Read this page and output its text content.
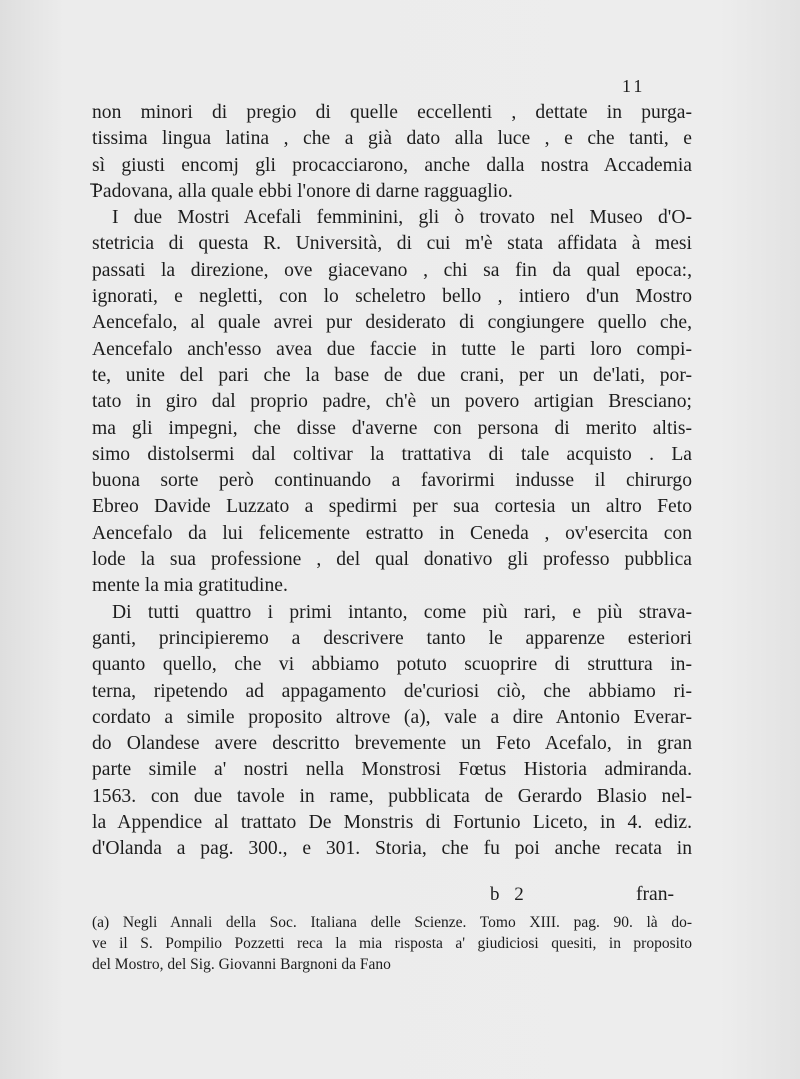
11
non minori di pregio di quelle eccellenti , dettate in purga-
tissima lingua latina , che a già dato alla luce , e che tanti, e
sì giusti encomj gli procacciarono, anche dalla nostra Accademia
Padovana, alla quale ebbi l'onore di darne ragguaglio.
I due Mostri Acefali femminini, gli ò trovato nel Museo d'O-
stetricia di questa R. Università, di cui m'è stata affidata à mesi
passati la direzione, ove giacevano , chi sa fin da qual epoca:,
ignorati, e negletti, con lo scheletro bello , intiero d'un Mostro
Aencefalo, al quale avrei pur desiderato di congiungere quello che,
Aencefalo anch'esso avea due faccie in tutte le parti loro compi-
te, unite del pari che la base de due crani, per un de'lati, por-
tato in giro dal proprio padre, ch'è un povero artigian Bresciano;
ma gli impegni, che disse d'averne con persona di merito altis-
simo distolsermi dal coltivar la trattativa di tale acquisto . La
buona sorte però continuando a favorirmi indusse il chirurgo
Ebreo Davide Luzzato a spedirmi per sua cortesia un altro Feto
Aencefalo da lui felicemente estratto in Ceneda , ov'esercita con
lode la sua professione , del qual donativo gli professo pubblica
mente la mia gratitudine.
Di tutti quattro i primi intanto, come più rari, e più strava-
ganti, principieremo a descrivere tanto le apparenze esteriori
quanto quello, che vi abbiamo potuto scuoprire di struttura in-
terna, ripetendo ad appagamento de'curiosi ciò, che abbiamo ri-
cordato a simile proposito altrove (a), vale a dire Antonio Everar-
do Olandese avere descritto brevemente un Feto Acefalo, in gran
parte simile a' nostri nella Monstrosi Fœtus Historia admiranda.
1563. con due tavole in rame, pubblicata de Gerardo Blasio nel-
la Appendice al trattato De Monstris di Fortunio Liceto, in 4. ediz.
d'Olanda a pag. 300., e 301. Storia, che fu poi anche recata in
b 2	fran-
(a) Negli Annali della Soc. Italiana delle Scienze. Tomo XIII. pag. 90. là do-
ve il S. Pompilio Pozzetti reca la mia risposta a' giudiciosi quesiti, in proposito
del Mostro, del Sig. Giovanni Bargnoni da Fano
